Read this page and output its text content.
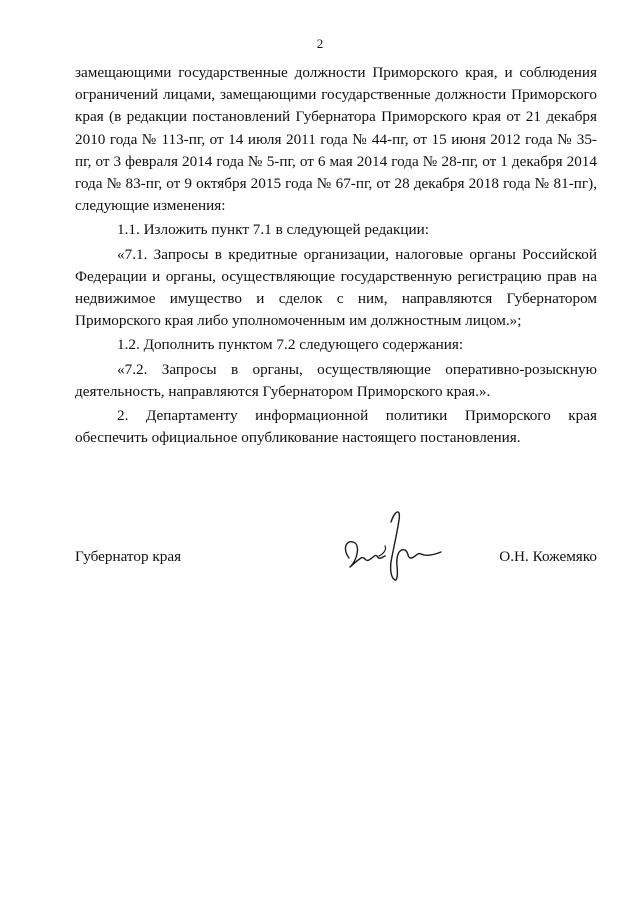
2

замещающими государственные должности Приморского края, и соблюдения ограничений лицами, замещающими государственные должности Приморского края (в редакции постановлений Губернатора Приморского края от 21 декабря 2010 года № 113-пг, от 14 июля 2011 года № 44-пг, от 15 июня 2012 года № 35-пг, от 3 февраля 2014 года № 5-пг, от 6 мая 2014 года № 28-пг, от 1 декабря 2014 года № 83-пг, от 9 октября 2015 года № 67-пг, от 28 декабря 2018 года № 81-пг), следующие изменения:

1.1. Изложить пункт 7.1 в следующей редакции:

«7.1. Запросы в кредитные организации, налоговые органы Российской Федерации и органы, осуществляющие государственную регистрацию прав на недвижимое имущество и сделок с ним, направляются Губернатором Приморского края либо уполномоченным им должностным лицом.»;

1.2. Дополнить пунктом 7.2 следующего содержания:

«7.2. Запросы в органы, осуществляющие оперативно-розыскную деятельность, направляются Губернатором Приморского края.».

2. Департаменту информационной политики Приморского края обеспечить официальное опубликование настоящего постановления.

Губернатор края	О.Н. Кожемяко
